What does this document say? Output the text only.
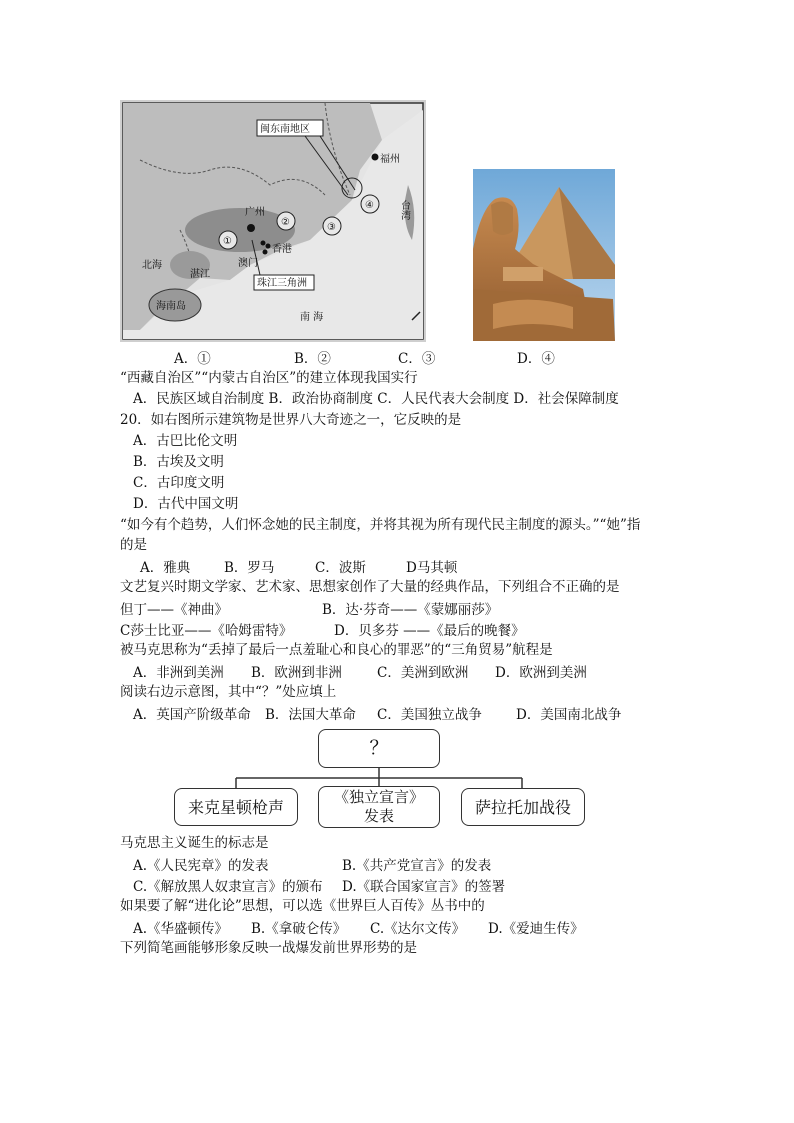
闽东南地区
福州
台湾
广州
香港
澳门
北海
湛江
海南岛
珠江三角洲
南 海
①
②	③
④
A．①	B．②	C．③	D．④
“西藏自治区”“内蒙古自治区”的建立体现我国实行
A．民族区域自治制度 B．政治协商制度 C．人民代表大会制度 D．社会保障制度
20．如右图所示建筑物是世界八大奇迹之一，它反映的是
A．古巴比伦文明
B．古埃及文明
C．古印度文明
D．古代中国文明
“如今有个趋势，人们怀念她的民主制度，并将其视为所有现代民主制度的源头。”“她”指
的是
A．雅典	B．罗马	C．波斯	D马其顿
文艺复兴时期文学家、艺术家、思想家创作了大量的经典作品，下列组合不正确的是
但丁——《神曲》	B．达·芬奇——《蒙娜丽莎》
C莎士比亚——《哈姆雷特》	D．贝多芬 ——《最后的晚餐》
被马克思称为“丢掉了最后一点羞耻心和良心的罪恶”的“三角贸易”航程是
A．非洲到美洲 B．欧洲到非洲	C．美洲到欧洲 D．欧洲到美洲
阅读右边示意图，其中“？”处应填上
A．英国产阶级革命 B．法国大革命 C．美国独立战争	D．美国南北战争
？
来克星顿枪声
《独立宣言》
发表	萨拉托加战役
马克思主义诞生的标志是
A.《人民宪章》的发表	B.《共产党宣言》的发表
C.《解放黑人奴隶宣言》的颁布 D.《联合国家宣言》的签署
如果要了解“进化论”思想，可以选《世界巨人百传》丛书中的
A.《华盛顿传》 B.《拿破仑传》 C.《达尔文传》 D.《爱迪生传》
下列简笔画能够形象反映一战爆发前世界形势的是
